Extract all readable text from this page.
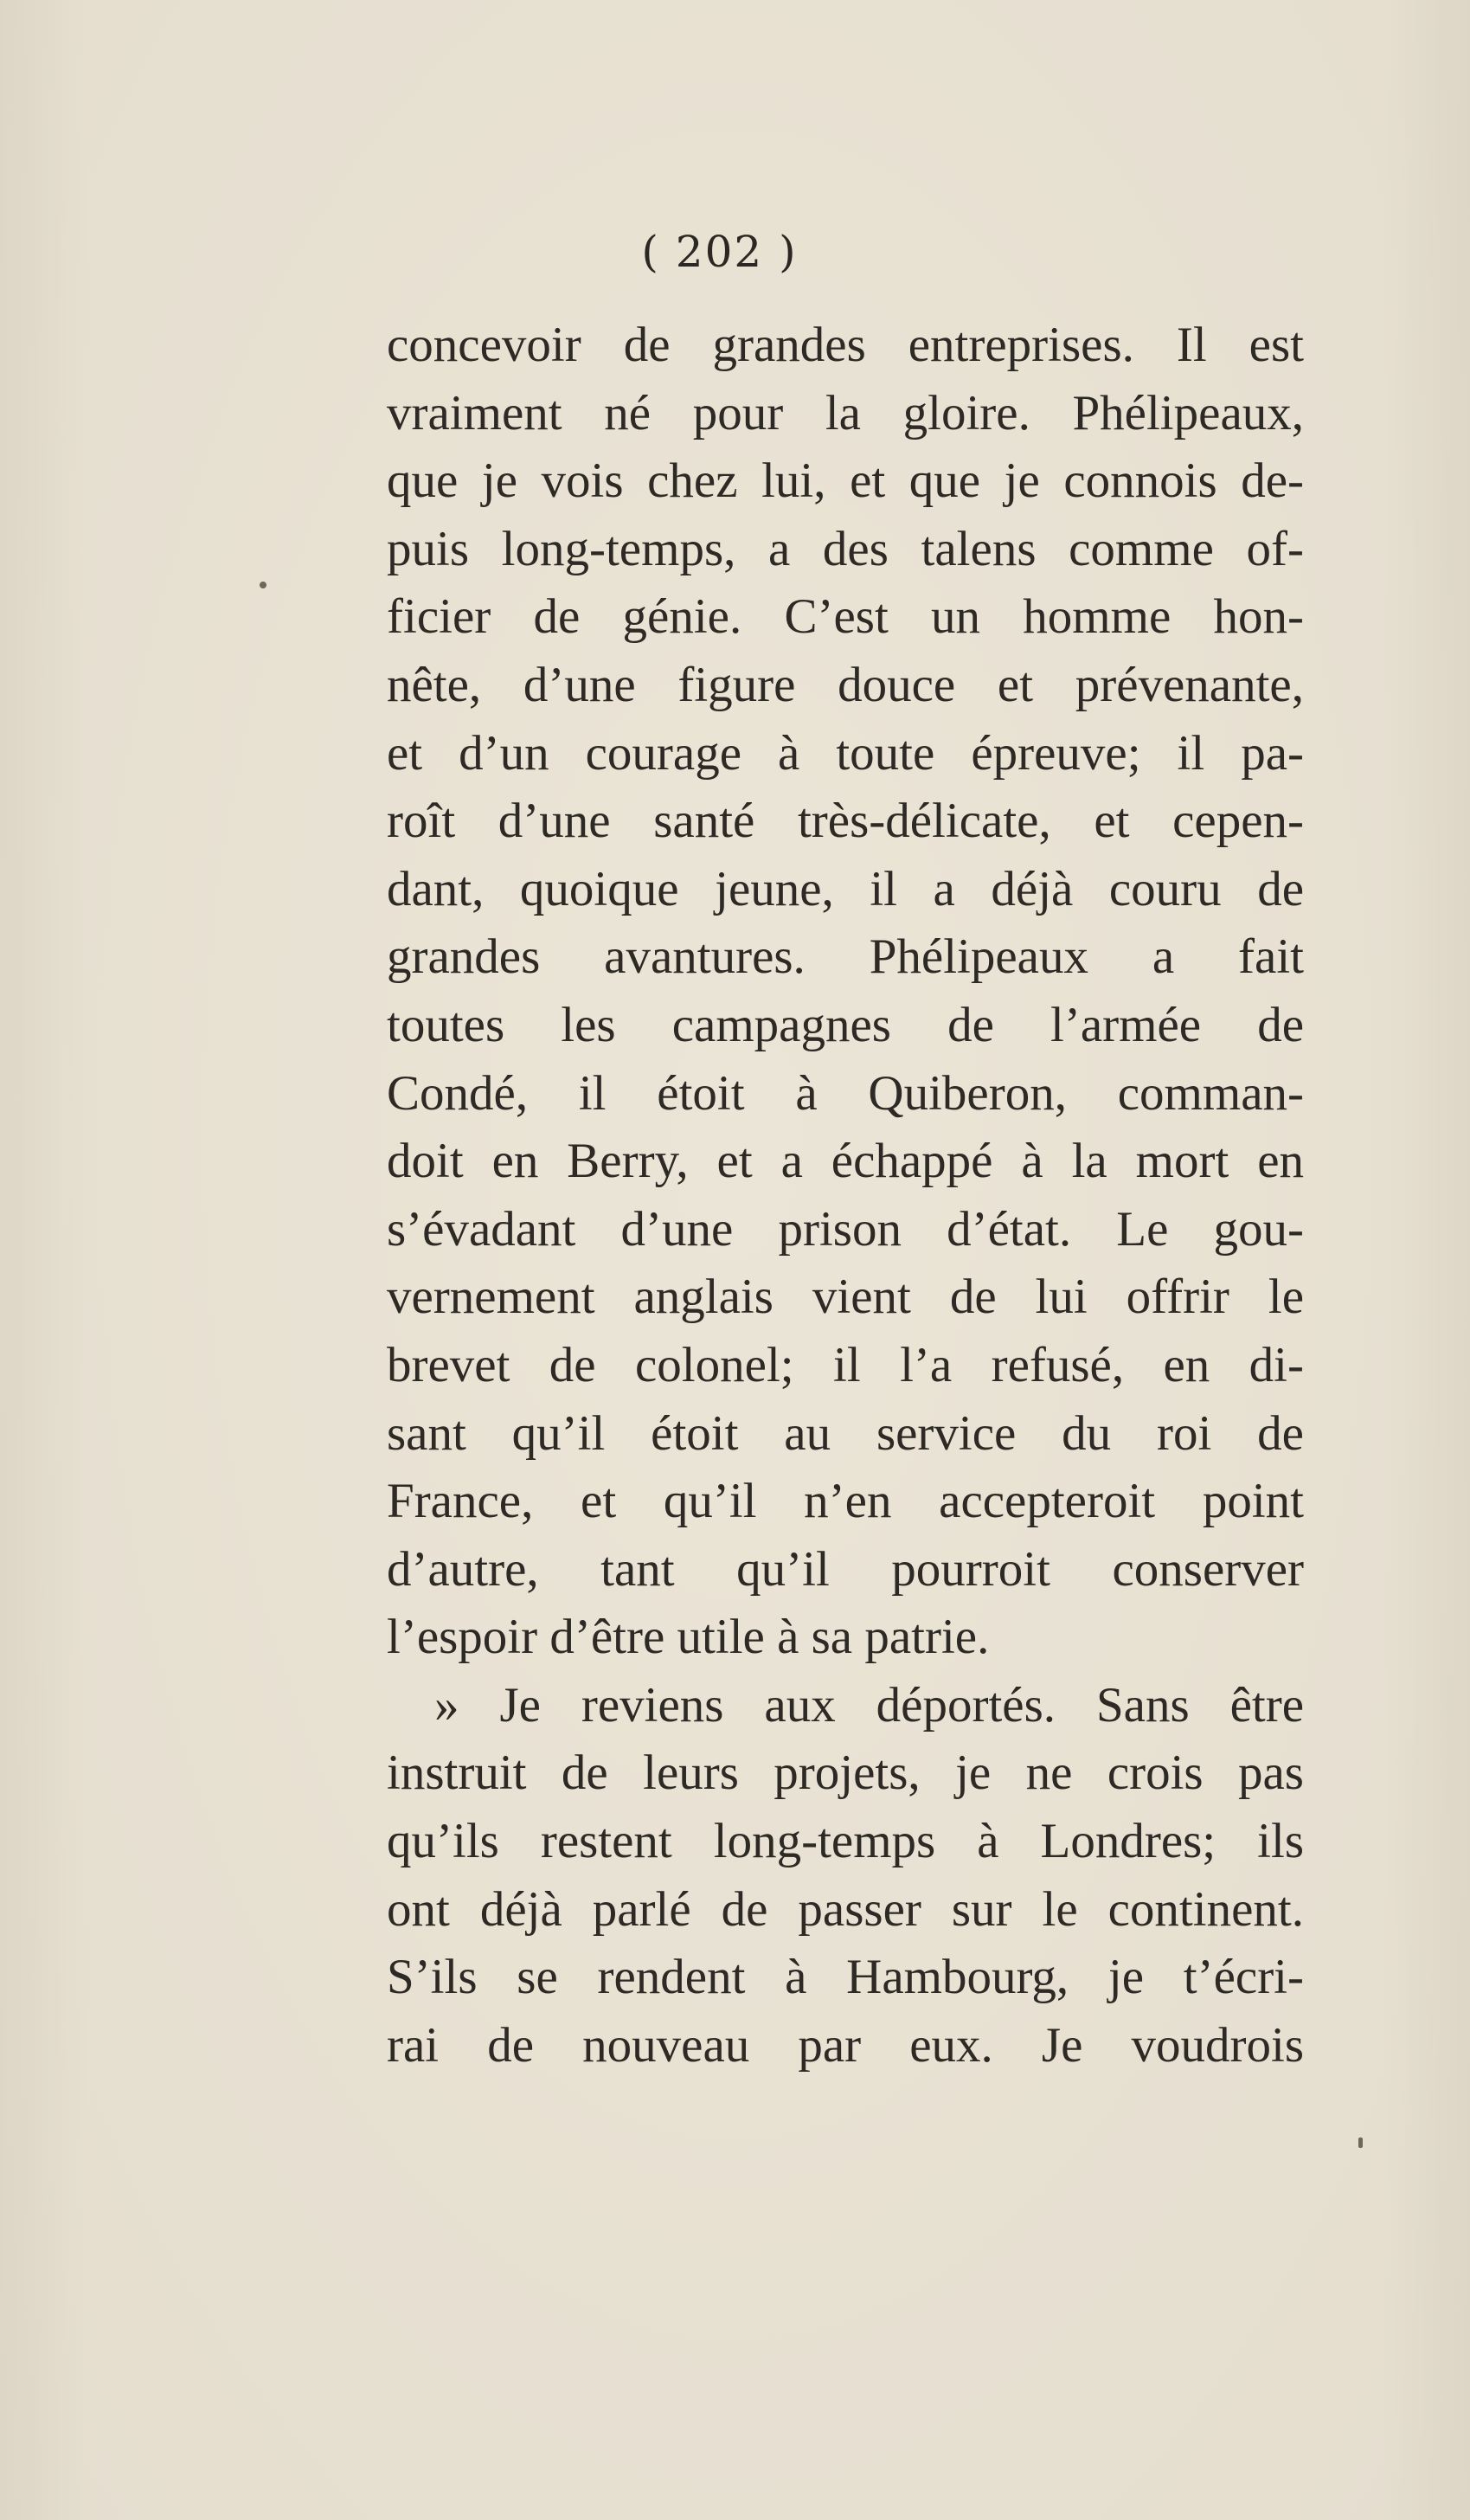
( 202 )
concevoir de grandes entreprises. Il est
vraiment né pour la gloire. Phélipeaux,
que je vois chez lui, et que je connois de-
puis long-temps, a des talens comme of-
ficier de génie. C’est un homme hon-
nête, d’une figure douce et prévenante,
et d’un courage à toute épreuve; il pa-
roît d’une santé très-délicate, et cepen-
dant, quoique jeune, il a déjà couru de
grandes avantures. Phélipeaux a fait
toutes les campagnes de l’armée de
Condé, il étoit à Quiberon, comman-
doit en Berry, et a échappé à la mort en
s’évadant d’une prison d’état. Le gou-
vernement anglais vient de lui offrir le
brevet de colonel; il l’a refusé, en di-
sant qu’il étoit au service du roi de
France, et qu’il n’en accepteroit point
d’autre, tant qu’il pourroit conserver
l’espoir d’être utile à sa patrie.
» Je reviens aux déportés. Sans être
instruit de leurs projets, je ne crois pas
qu’ils restent long-temps à Londres; ils
ont déjà parlé de passer sur le continent.
S’ils se rendent à Hambourg, je t’écri-
rai de nouveau par eux. Je voudrois
